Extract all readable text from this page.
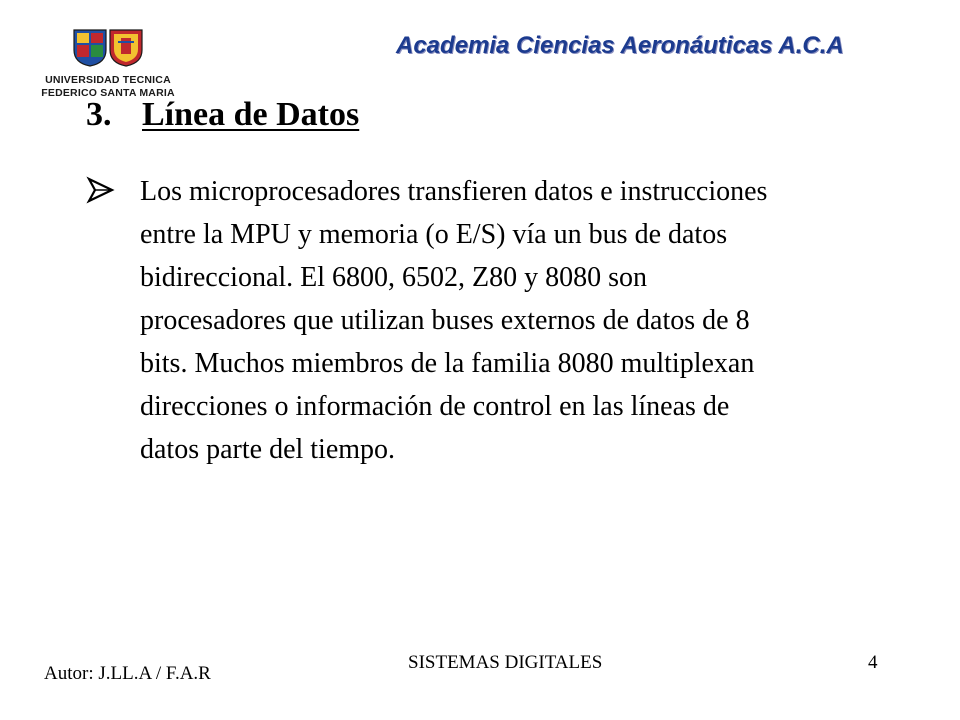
UNIVERSIDAD TECNICA
FEDERICO SANTA MARIA
Academia Ciencias Aeronáuticas A.C.A
3. Línea de Datos

Los microprocesadores transfieren datos e instrucciones

entre la MPU y memoria (o E/S) vía un bus de datos

bidireccional. El 6800, 6502, Z80 y 8080 son

procesadores que utilizan buses externos de datos de 8

bits. Muchos miembros de la familia 8080 multiplexan

direcciones o información de control en las líneas de

datos parte del tiempo.

Autor: J.LL.A / F.A.R
SISTEMAS DIGITALES	4
